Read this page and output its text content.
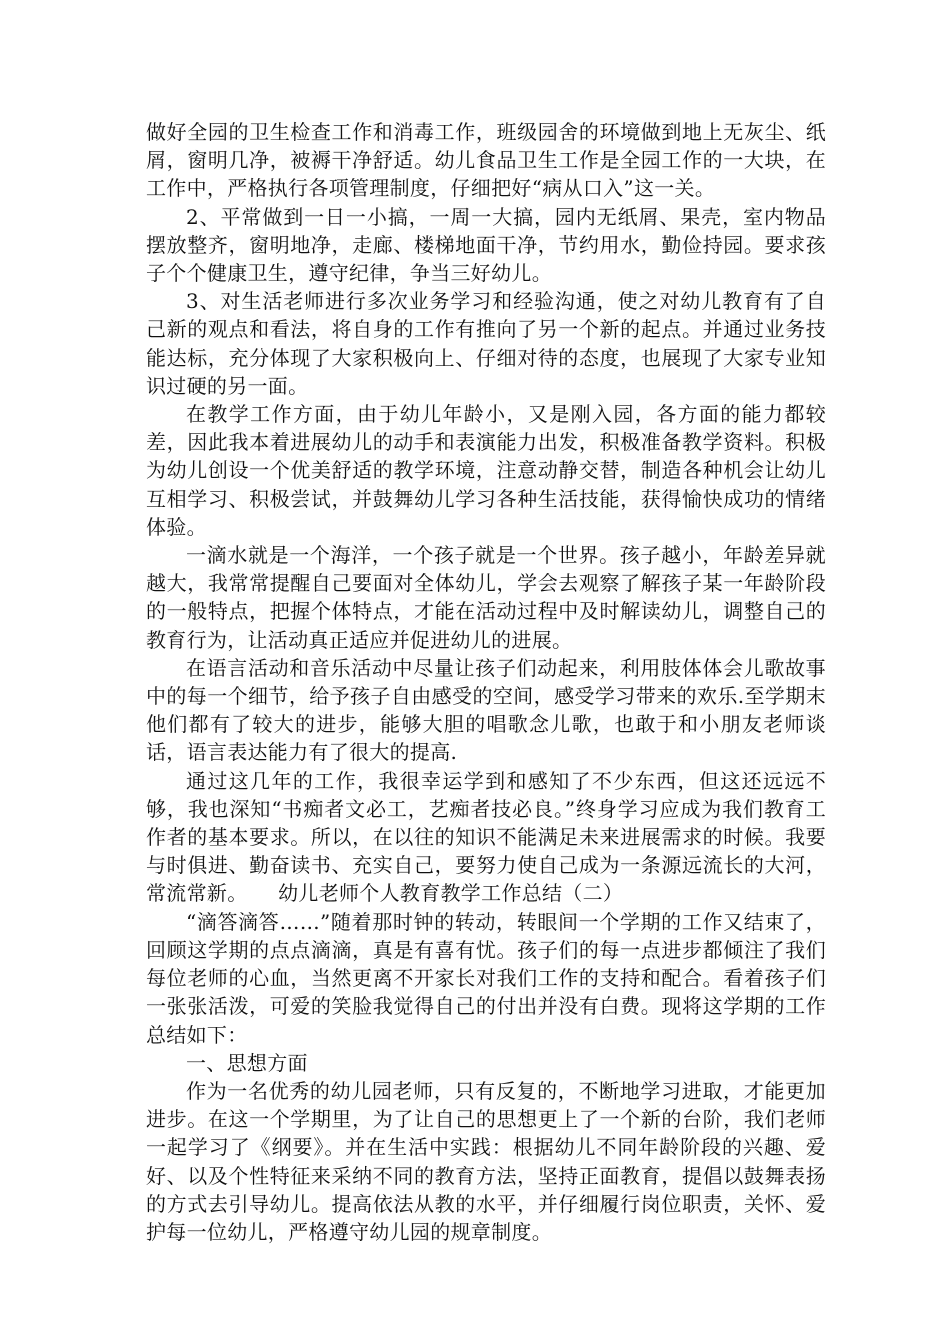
做好全园的卫生检查工作和消毒工作，班级园舍的环境做到地上无灰尘、纸屑，窗明几净，被褥干净舒适。幼儿食品卫生工作是全园工作的一大块，在工作中，严格执行各项管理制度，仔细把好“病从口入”这一关。

2、平常做到一日一小搞，一周一大搞，园内无纸屑、果壳，室内物品摆放整齐，窗明地净，走廊、楼梯地面干净，节约用水，勤俭持园。要求孩子个个健康卫生，遵守纪律，争当三好幼儿。

3、对生活老师进行多次业务学习和经验沟通，使之对幼儿教育有了自己新的观点和看法，将自身的工作有推向了另一个新的起点。并通过业务技能达标，充分体现了大家积极向上、仔细对待的态度，也展现了大家专业知识过硬的另一面。

在教学工作方面，由于幼儿年龄小，又是刚入园，各方面的能力都较差，因此我本着进展幼儿的动手和表演能力出发，积极准备教学资料。积极为幼儿创设一个优美舒适的教学环境，注意动静交替，制造各种机会让幼儿互相学习、积极尝试，并鼓舞幼儿学习各种生活技能，获得愉快成功的情绪体验。

一滴水就是一个海洋，一个孩子就是一个世界。孩子越小，年龄差异就越大，我常常提醒自己要面对全体幼儿，学会去观察了解孩子某一年龄阶段的一般特点，把握个体特点，才能在活动过程中及时解读幼儿，调整自己的教育行为，让活动真正适应并促进幼儿的进展。

在语言活动和音乐活动中尽量让孩子们动起来，利用肢体体会儿歌故事中的每一个细节，给予孩子自由感受的空间，感受学习带来的欢乐.至学期末他们都有了较大的进步，能够大胆的唱歌念儿歌，也敢于和小朋友老师谈话，语言表达能力有了很大的提高.

通过这几年的工作，我很幸运学到和感知了不少东西，但这还远远不够，我也深知“书痴者文必工，艺痴者技必良。”终身学习应成为我们教育工作者的基本要求。所以，在以往的知识不能满足未来进展需求的时候。我要与时俱进、勤奋读书、充实自己，要努力使自己成为一条源远流长的大河，常流常新。　　幼儿老师个人教育教学工作总结（二）

“滴答滴答……”随着那时钟的转动，转眼间一个学期的工作又结束了，回顾这学期的点点滴滴，真是有喜有忧。孩子们的每一点进步都倾注了我们每位老师的心血，当然更离不开家长对我们工作的支持和配合。看着孩子们一张张活泼，可爱的笑脸我觉得自己的付出并没有白费。现将这学期的工作总结如下：

一、思想方面

作为一名优秀的幼儿园老师，只有反复的，不断地学习进取，才能更加进步。在这一个学期里，为了让自己的思想更上了一个新的台阶，我们老师一起学习了《纲要》。并在生活中实践：根据幼儿不同年龄阶段的兴趣、爱好、以及个性特征来采纳不同的教育方法，坚持正面教育，提倡以鼓舞表扬的方式去引导幼儿。提高依法从教的水平，并仔细履行岗位职责，关怀、爱护每一位幼儿，严格遵守幼儿园的规章制度。
